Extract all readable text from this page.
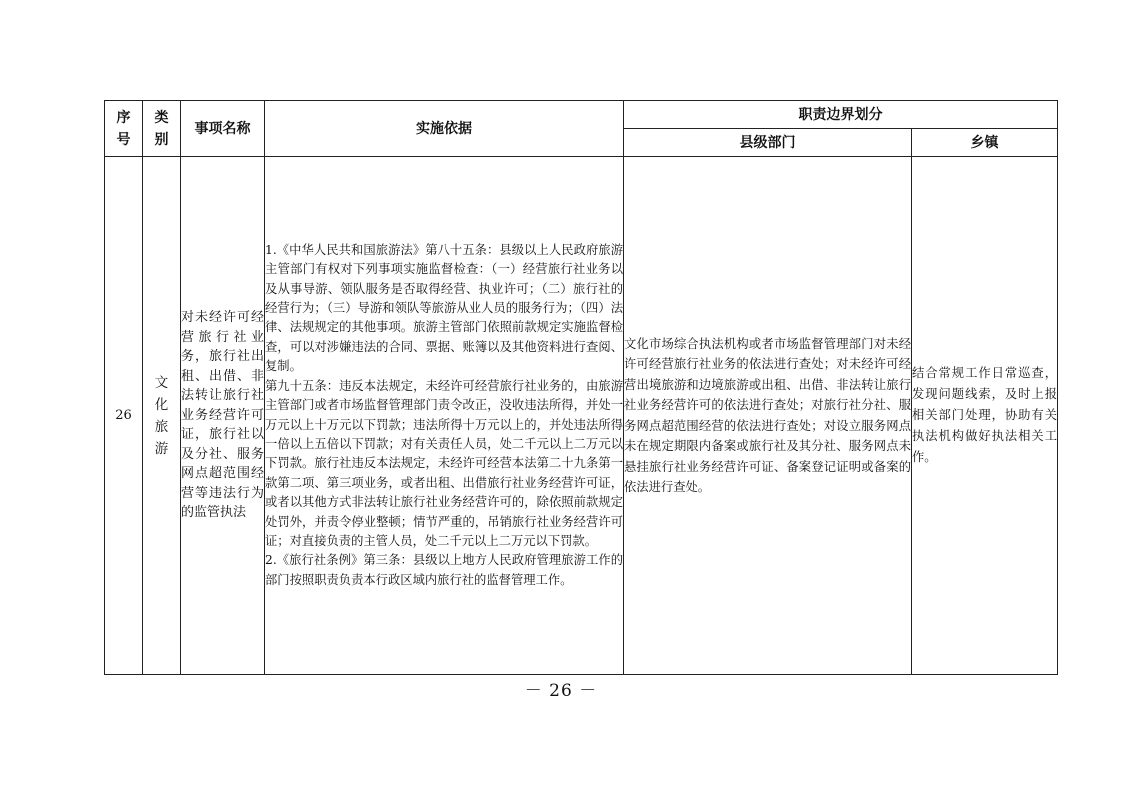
序号	类别	事项名称	实施依据	职责边界划分	
				县级部门	乡镇
26	文化旅游	对未经许可经营旅行社业务，旅行社出租、出借、非法转让旅行社业务经营许可证，旅行社以及分社、服务网点超范围经营等违法行为的监管执法	1.《中华人民共和国旅游法》第八十五条：县级以上人民政府旅游主管部门有权对下列事项实施监督检查：（一）经营旅行社业务以及从事导游、领队服务是否取得经营、执业许可；（二）旅行社的经营行为；（三）导游和领队等旅游从业人员的服务行为；（四）法律、法规规定的其他事项。旅游主管部门依照前款规定实施监督检查，可以对涉嫌违法的合同、票据、账簿以及其他资料进行查阅、复制。
第九十五条：违反本法规定，未经许可经营旅行社业务的，由旅游主管部门或者市场监督管理部门责令改正，没收违法所得，并处一万元以上十万元以下罚款；违法所得十万元以上的，并处违法所得一倍以上五倍以下罚款；对有关责任人员，处二千元以上二万元以下罚款。旅行社违反本法规定，未经许可经营本法第二十九条第一款第二项、第三项业务，或者出租、出借旅行社业务经营许可证，或者以其他方式非法转让旅行社业务经营许可的，除依照前款规定处罚外，并责令停业整顿；情节严重的，吊销旅行社业务经营许可证；对直接负责的主管人员，处二千元以上二万元以下罚款。
2.《旅行社条例》第三条：县级以上地方人民政府管理旅游工作的部门按照职责负责本行政区域内旅行社的监督管理工作。	文化市场综合执法机构或者市场监督管理部门对未经许可经营旅行社业务的依法进行查处；对未经许可经营出境旅游和边境旅游或出租、出借、非法转让旅行社业务经营许可的依法进行查处；对旅行社分社、服务网点超范围经营的依法进行查处；对设立服务网点未在规定期限内备案或旅行社及其分社、服务网点未悬挂旅行社业务经营许可证、备案登记证明或备案的依法进行查处。	结合常规工作日常巡查，发现问题线索，及时上报相关部门处理，协助有关执法机构做好执法相关工作。
－ 26 －
